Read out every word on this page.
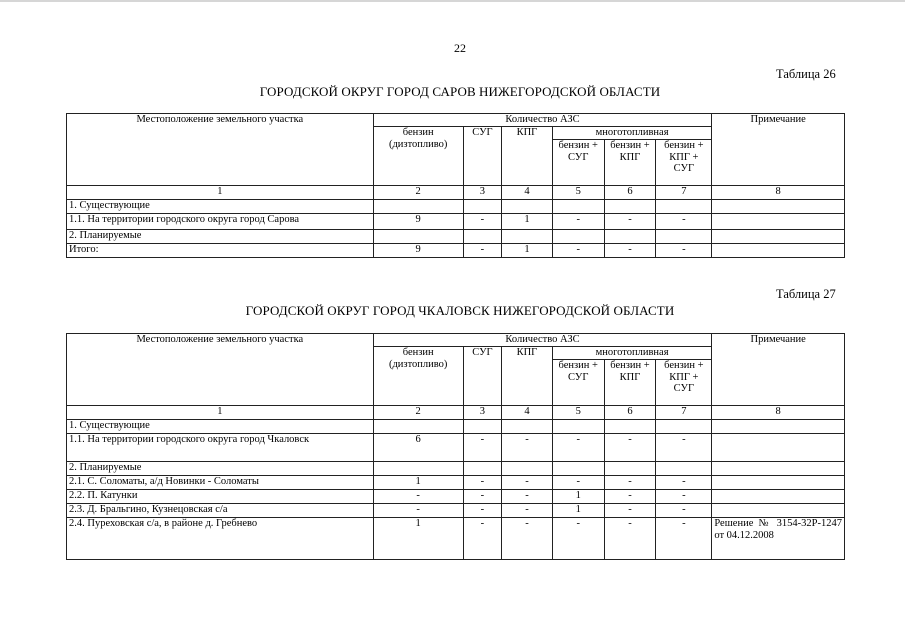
22
Таблица 26
ГОРОДСКОЙ ОКРУГ ГОРОД САРОВ НИЖЕГОРОДСКОЙ ОБЛАСТИ
Местоположение земельного участка	Количество АЗС						Примечание
	бензин (дизтопливо)	СУГ	КПГ	многотопливная			
				бензин + СУГ	бензин + КПГ	бензин + КПГ + СУГ	
1	2	3	4	5	6	7	8
1. Существующие							
1.1. На территории городского округа город Сарова	9	-	1	-	-	-	
2. Планируемые							
Итого:	9	-	1	-	-	-	
Таблица 27
ГОРОДСКОЙ ОКРУГ ГОРОД ЧКАЛОВСК НИЖЕГОРОДСКОЙ ОБЛАСТИ
Местоположение земельного участка	Количество АЗС						Примечание
	бензин (дизтопливо)	СУГ	КПГ	многотопливная			
				бензин + СУГ	бензин + КПГ	бензин + КПГ + СУГ	
1	2	3	4	5	6	7	8
1. Существующие							
1.1. На территории городского округа город Чкаловск	6	-	-	-	-	-	
2. Планируемые							
2.1. С. Соломаты, а/д Новинки - Соломаты	1	-	-	-	-	-	
2.2. П. Катунки	-	-	-	1	-	-	
2.3. Д. Бральгино, Кузнецовская с/а	-	-	-	1	-	-	
2.4. Пуреховская с/а, в районе д. Гребнево	1	-	-	-	-	-	Решение № 3154-32Р-1247 от 04.12.2008
